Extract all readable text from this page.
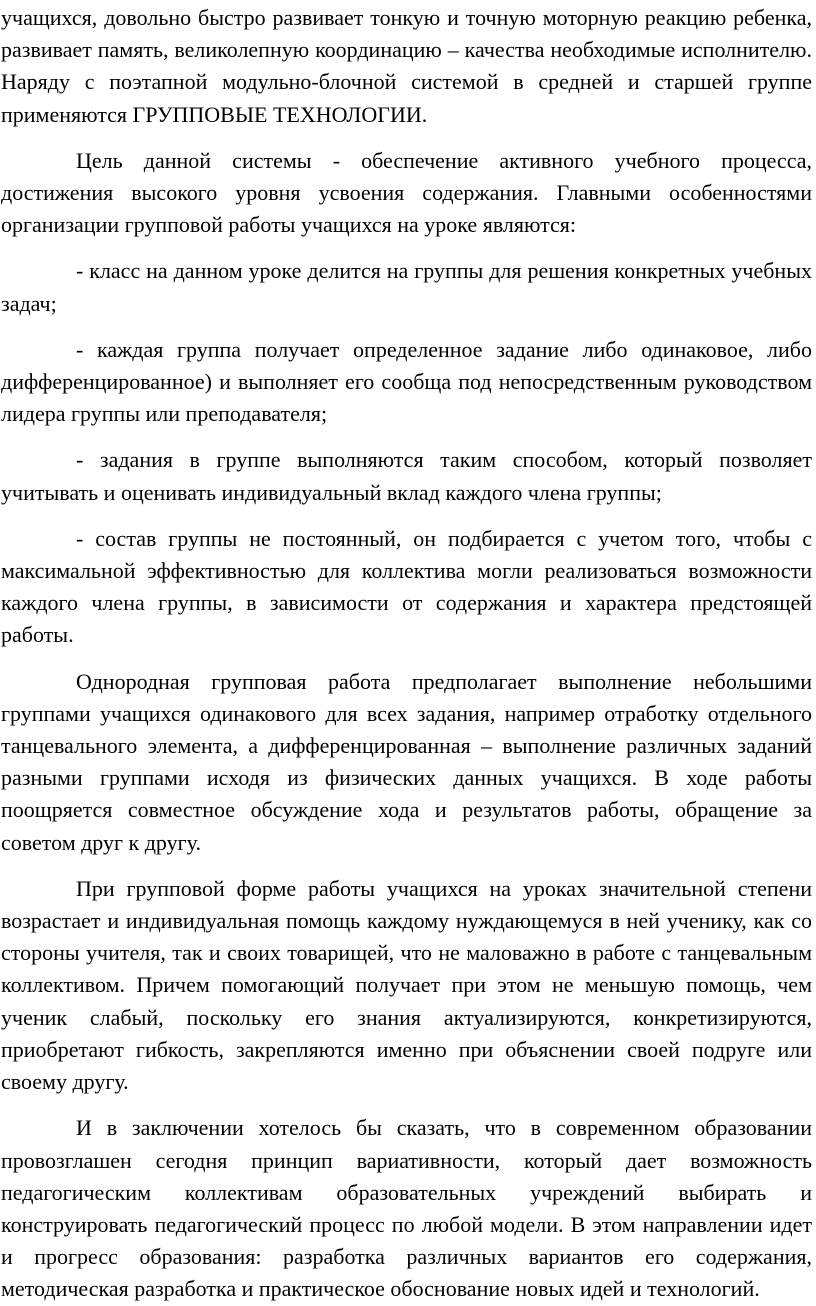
учащихся, довольно быстро развивает тонкую и точную моторную реакцию ребенка, развивает память, великолепную координацию – качества необходимые исполнителю. Наряду с поэтапной модульно-блочной системой в средней и старшей группе применяются ГРУППОВЫЕ ТЕХНОЛОГИИ.

Цель данной системы - обеспечение активного учебного процесса, достижения высокого уровня усвоения содержания. Главными особенностями организации групповой работы учащихся на уроке являются:

- класс на данном уроке делится на группы для решения конкретных учебных задач;

- каждая группа получает определенное задание либо одинаковое, либо дифференцированное) и выполняет его сообща под непосредственным руководством лидера группы или преподавателя;

- задания в группе выполняются таким способом, который позволяет учитывать и оценивать индивидуальный вклад каждого члена группы;

- состав группы не постоянный, он подбирается с учетом того, чтобы с максимальной эффективностью для коллектива могли реализоваться возможности каждого члена группы, в зависимости от содержания и характера предстоящей работы.

Однородная групповая работа предполагает выполнение небольшими группами учащихся одинакового для всех задания, например отработку отдельного танцевального элемента, а дифференцированная – выполнение различных заданий разными группами исходя из физических данных учащихся. В ходе работы поощряется совместное обсуждение хода и результатов работы, обращение за советом друг к другу.

При групповой форме работы учащихся на уроках значительной степени возрастает и индивидуальная помощь каждому нуждающемуся в ней ученику, как со стороны учителя, так и своих товарищей, что не маловажно в работе с танцевальным коллективом. Причем помогающий получает при этом не меньшую помощь, чем ученик слабый, поскольку его знания актуализируются, конкретизируются, приобретают гибкость, закрепляются именно при объяснении своей подруге или своему другу.

И в заключении хотелось бы сказать, что в современном образовании провозглашен сегодня принцип вариативности, который дает возможность педагогическим коллективам образовательных учреждений выбирать и конструировать педагогический процесс по любой модели. В этом направлении идет и прогресс образования: разработка различных вариантов его содержания, методическая разработка и практическое обоснование новых идей и технологий.
